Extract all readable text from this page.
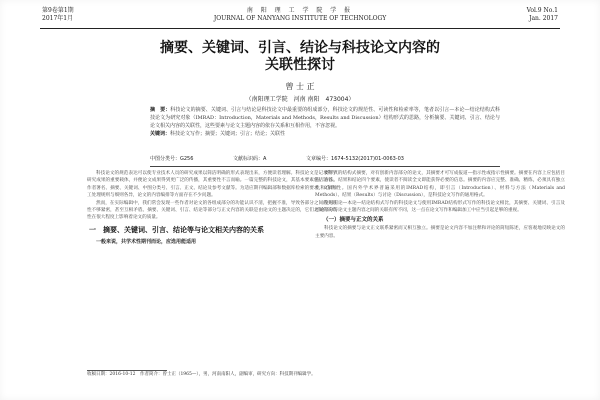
第9卷第1期

2017年1月

南 阳 理 工 学 院 学 报

JOURNAL OF NANYANG INSTITUTE OF TECHNOLOGY

Vol.9 No.1

Jan. 2017

摘要、关键词、引言、结论与科技论文内容的
关联性探讨
曾 士 正
（南阳理工学院　河南 南阳　473004）

摘　要：科技论文的摘要、关键词、引言与结论是科技论文中最重要的组成部分，科技论文的规范性、可读性和检索率等，笔者以引言—本论—结论结构式科技论文为研究对象（IMRAD：Introduction，Materials and Methods，Results and Discussion）结构形式的思路，分析摘要、关键词、引言、结论与论文相关内容的关联性，这些要素与论文主题内容的依存关系和互相作用，不容忽视。

关键词：科技论文写作；摘要；关键词；引言；结论；关联性

中图分类号：G256	文献标识码：A	文章编号：1674-5132(2017)01-0063-03

科技论文的规范表达可以使专业技术人员的研究成果以简洁明确的形式表现出来，方便读者理解。科技论文是记录科学研究成果的重要载体，并便论文成果得到更广泛的传播，其重要性不言而喻。一篇完整的科技论文，其基本要素包括题名、作者署名、摘要、关键词、中图分类号、引言、正文、结论及参考文献等。为适应期刊编辑部和数据库检索的要求，文稿加工处理规则与细则各异，论文的内容编排等方面存在不少问题。

然而，在实际编辑中，我们常会发现一些作者对论文的各组成部分的功能认识不清，把握不准，导致各部分之间的关联性不够紧密，甚至互相矛盾。摘要、关键词、引言、结论等部分与正文内容的关联是由论文的主题决定的，它们之间的关联性在很大程度上影响着论文的质量。

一　摘要、关键词、引言、结论等与论文相关内容的关系

一般来说，共学术性期刊而论，应选用能适用

要形式的结构式摘要，对有创新内容部分的论文，其摘要才可写成报道—指示性或指示性摘要。摘要在内容上应包括目的、方法、结果和结论四个要素，使读者不阅读全文即能获得必要的信息。摘要的内容应完整、准确、精炼，必须具有独立性和自明性。国内外学术界普遍采用的IMRAD结构，即引言（Introduction）、材料与方法（Materials and Methods）、结果（Results）与讨论（Discussion），是科技论文写作的通用格式。

使用引论—本论—结论结构式写作的科技论文与使用IMRAD结构形式写作的科技论文相比，其摘要、关键词、引言及结论部分与论文主题内容之间的关联有所不同，这一点在论文写作和编辑加工中应当引起足够的重视。

（一）摘要与正文的关系

科技论文的摘要与论文正文联系紧密而又相互独立。摘要是论文内容不加注释和评论的简短陈述，应客观地反映论文的主要内容。

收稿日期：2016-10-12　作者简介：曾士正（1965—），男，河南南阳人，副编审，研究方向：科技期刊编辑学。
